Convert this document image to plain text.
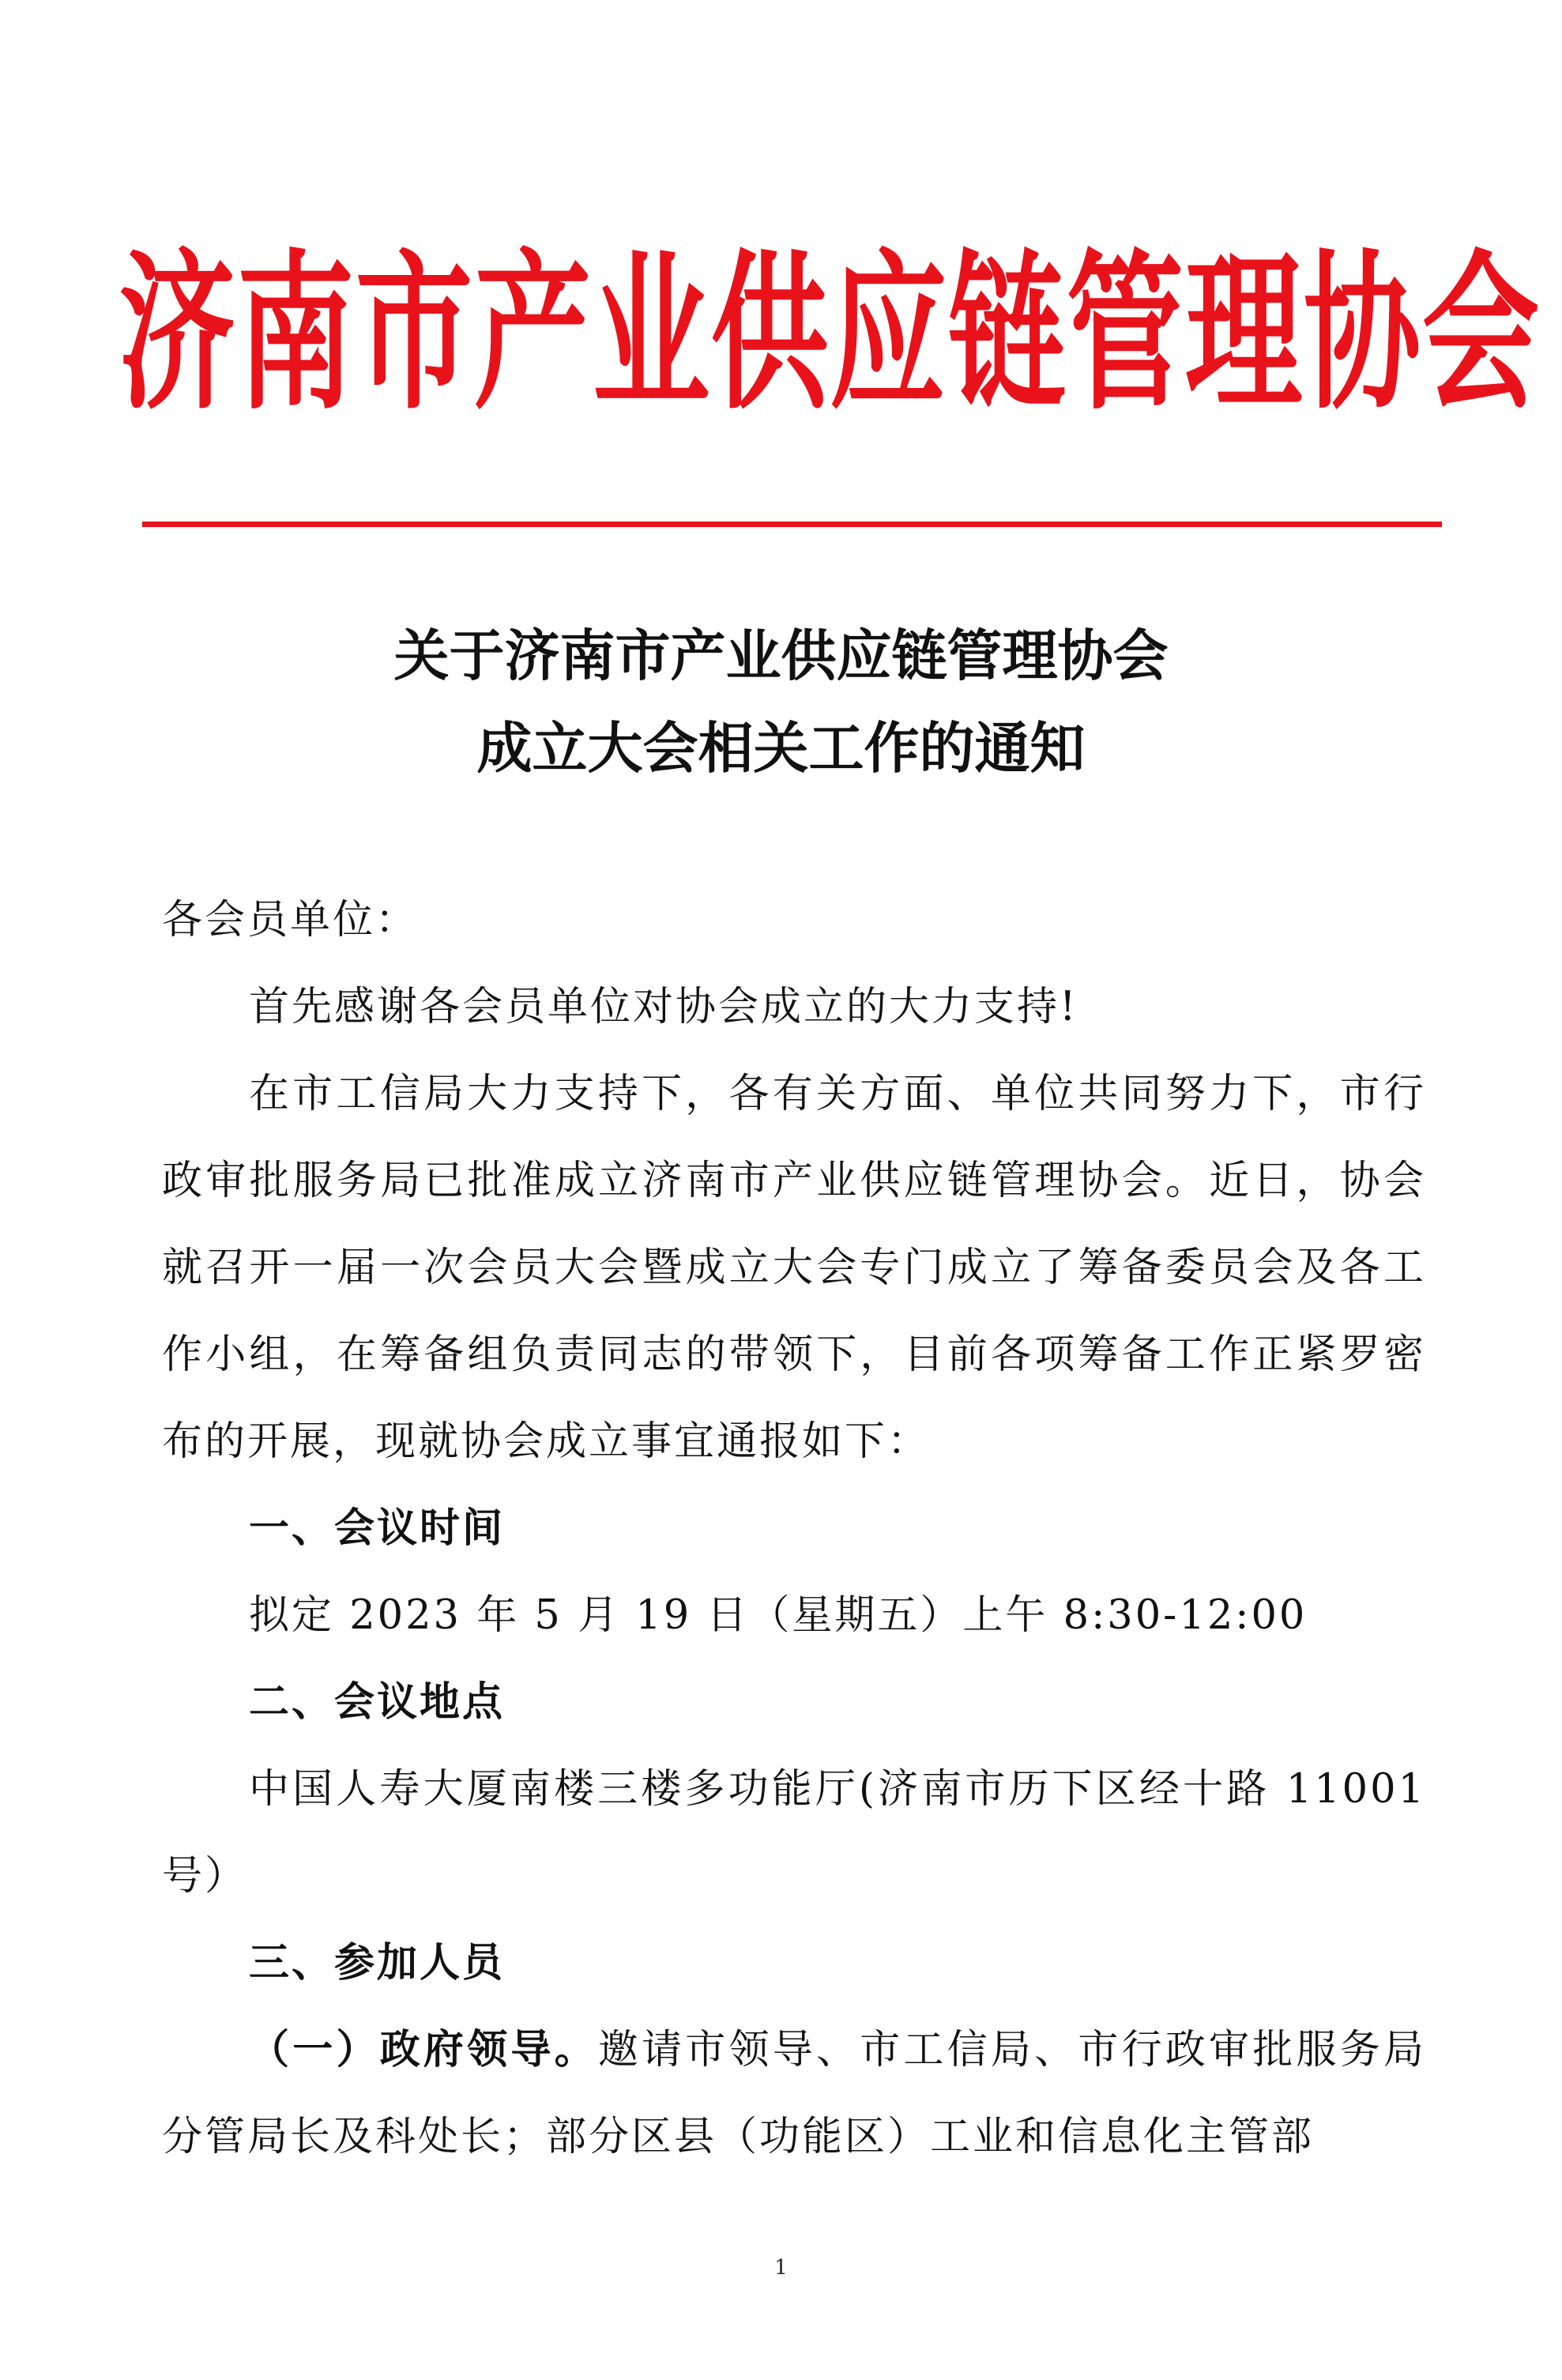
济南市产业供应链管理协会
关于济南市产业供应链管理协会
成立大会相关工作的通知

各会员单位：

首先感谢各会员单位对协会成立的大力支持!

在市工信局大力支持下，各有关方面、单位共同努力下，市行政审批服务局已批准成立济南市产业供应链管理协会。近日，协会就召开一届一次会员大会暨成立大会专门成立了筹备委员会及各工作小组，在筹备组负责同志的带领下，目前各项筹备工作正紧罗密布的开展，现就协会成立事宜通报如下：

一、会议时间

拟定 2023 年 5 月 19 日（星期五）上午 8:30-12:00

二、会议地点

中国人寿大厦南楼三楼多功能厅(济南市历下区经十路 11001号）

三、参加人员

（一）政府领导。邀请市领导、市工信局、市行政审批服务局分管局长及科处长；部分区县（功能区）工业和信息化主管部

1
